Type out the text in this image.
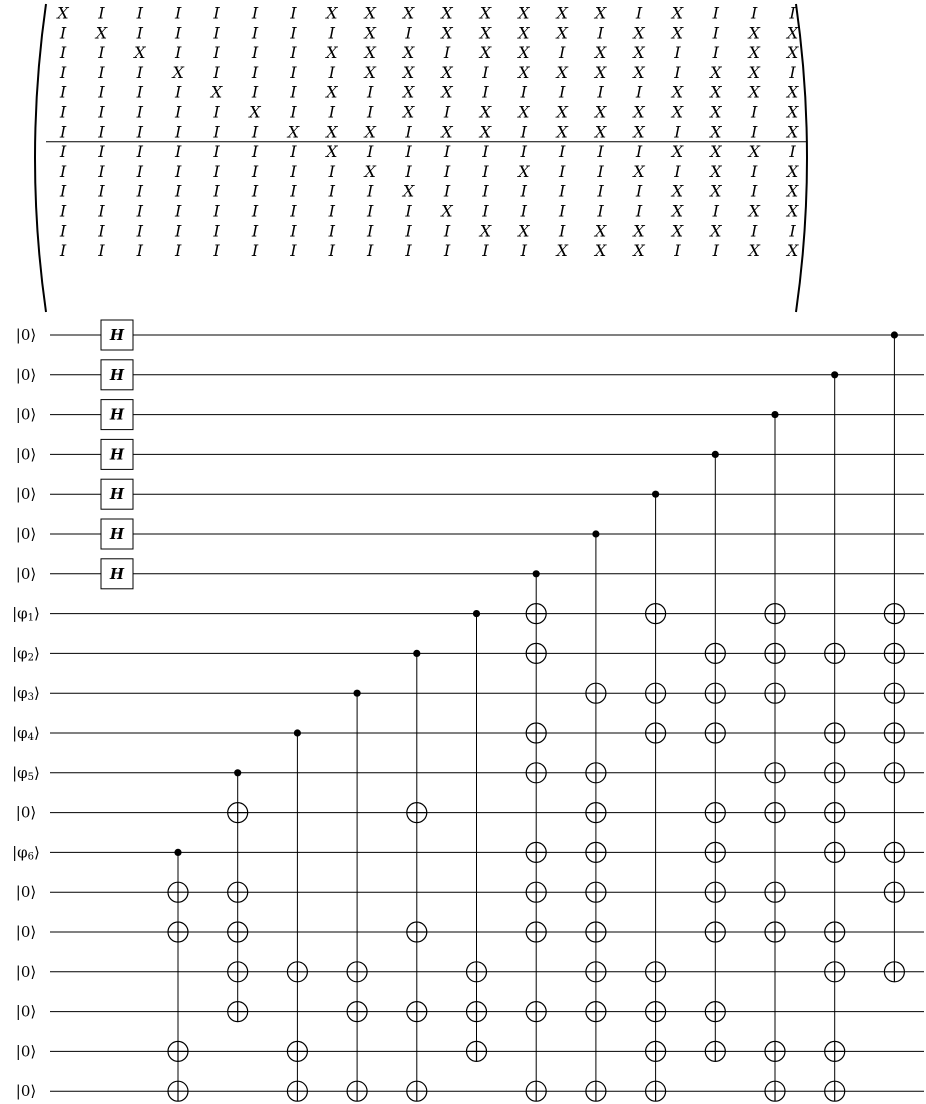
X I I I I I I X X X X X X X X I X I I I
I X I I I I I I X I X X X X I X X I X X
I I X I I I I X X X I X X I X X I I X X
I I I X I I I I X X X I X X X X I X X I
I I I I X I I X I X X I I I I I X X X X
I I I I I X I I I X I X X X X X X X I X
I I I I I I X X X I X X I X X X I X I X
I I I I I I I X I I I I I I I I X X X I
I I I I I I I I X I I I X I I X I X I X
I I I I I I I I I X I I I I I I X X I X
I I I I I I I I I I X I I I I I X I X X
I I I I I I I I I I I X X I X X X X I I
I I I I I I I I I I I I I X X X I I X X
|0⟩
|0⟩
|0⟩
|0⟩
|0⟩
|0⟩
|0⟩
$|\varphi_1⟩$
$|\varphi_2⟩$
$|\varphi_3⟩$
$|\varphi_4⟩$
$|\varphi_5⟩$
|0⟩
$|\varphi_6⟩$
|0⟩
|0⟩
|0⟩
|0⟩
|0⟩
|0⟩
H
H
H
H
H
H
H
